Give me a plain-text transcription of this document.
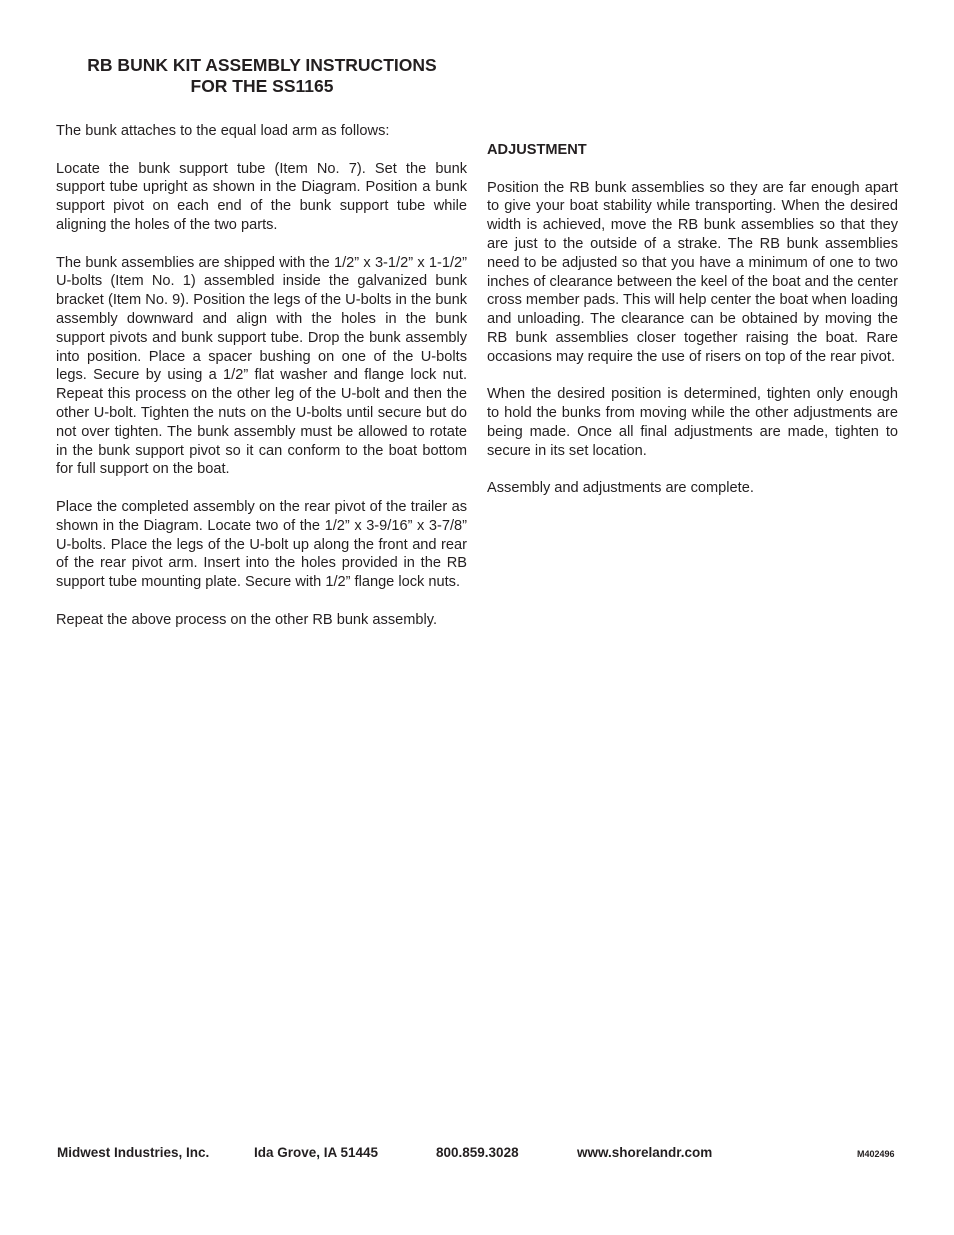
RB BUNK KIT ASSEMBLY INSTRUCTIONS
FOR THE SS1165

The bunk attaches to the equal load arm as follows:

Locate the bunk support tube (Item No. 7). Set the bunk support tube upright as shown in the Diagram. Position a bunk support pivot on each end of the bunk support tube while aligning the holes of the two parts.

The bunk assemblies are shipped with the 1/2” x 3-1/2” x 1-1/2” U-bolts (Item No. 1) assembled inside the galvanized bunk bracket (Item No. 9). Position the legs of the U-bolts in the bunk assembly downward and align with the holes in the bunk support pivots and bunk support tube. Drop the bunk assembly into position. Place a spacer bushing on one of the U-bolts legs. Secure by using a 1/2” flat washer and flange lock nut. Repeat this process on the other leg of the U-bolt and then the other U-bolt. Tighten the nuts on the U-bolts until secure but do not over tighten. The bunk assembly must be allowed to rotate in the bunk support pivot so it can conform to the boat bottom for full support on the boat.

Place the completed assembly on the rear pivot of the trailer as shown in the Diagram. Locate two of the 1/2” x 3-9/16” x 3-7/8” U-bolts. Place the legs of the U-bolt up along the front and rear of the rear pivot arm. Insert into the holes provided in the RB support tube mounting plate. Secure with 1/2” flange lock nuts.

Repeat the above process on the other RB bunk assembly.

ADJUSTMENT

Position the RB bunk assemblies so they are far enough apart to give your boat stability while transporting. When the desired width is achieved, move the RB bunk assemblies so that they are just to the outside of a strake. The RB bunk assemblies need to be adjusted so that you have a minimum of one to two inches of clearance between the keel of the boat and the center cross member pads. This will help center the boat when loading and unloading. The clearance can be obtained by moving the RB bunk assemblies closer together raising the boat. Rare occasions may require the use of risers on top of the rear pivot.

When the desired position is determined, tighten only enough to hold the bunks from moving while the other adjustments are being made. Once all final adjustments are made, tighten to secure in its set location.

Assembly and adjustments are complete.

Midwest Industries, Inc.	Ida Grove, IA 51445	800.859.3028	www.shorelandr.com	M402496
